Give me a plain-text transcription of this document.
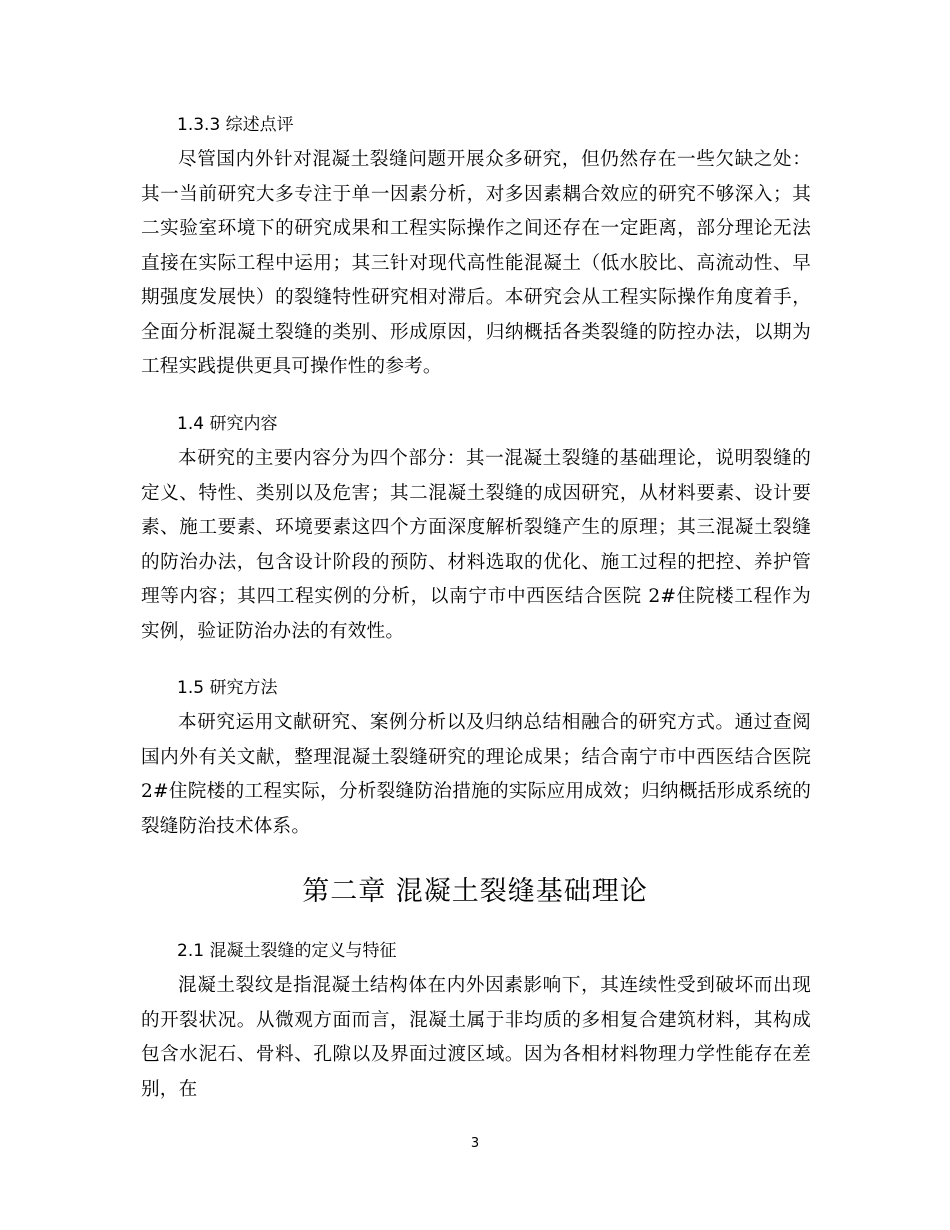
1.3.3 综述点评
尽管国内外针对混凝土裂缝问题开展众多研究，但仍然存在一些欠缺之处：其一当前研究大多专注于单一因素分析，对多因素耦合效应的研究不够深入；其二实验室环境下的研究成果和工程实际操作之间还存在一定距离，部分理论无法直接在实际工程中运用；其三针对现代高性能混凝土（低水胶比、高流动性、早期强度发展快）的裂缝特性研究相对滞后。本研究会从工程实际操作角度着手，全面分析混凝土裂缝的类别、形成原因，归纳概括各类裂缝的防控办法，以期为工程实践提供更具可操作性的参考。
1.4 研究内容
本研究的主要内容分为四个部分：其一混凝土裂缝的基础理论，说明裂缝的定义、特性、类别以及危害；其二混凝土裂缝的成因研究，从材料要素、设计要素、施工要素、环境要素这四个方面深度解析裂缝产生的原理；其三混凝土裂缝的防治办法，包含设计阶段的预防、材料选取的优化、施工过程的把控、养护管理等内容；其四工程实例的分析，以南宁市中西医结合医院 2#住院楼工程作为实例，验证防治办法的有效性。
1.5 研究方法
本研究运用文献研究、案例分析以及归纳总结相融合的研究方式。通过查阅国内外有关文献，整理混凝土裂缝研究的理论成果；结合南宁市中西医结合医院 2#住院楼的工程实际，分析裂缝防治措施的实际应用成效；归纳概括形成系统的裂缝防治技术体系。
第二章 混凝土裂缝基础理论
2.1 混凝土裂缝的定义与特征
混凝土裂纹是指混凝土结构体在内外因素影响下，其连续性受到破坏而出现的开裂状况。从微观方面而言，混凝土属于非均质的多相复合建筑材料，其构成包含水泥石、骨料、孔隙以及界面过渡区域。因为各相材料物理力学性能存在差别，在
3
